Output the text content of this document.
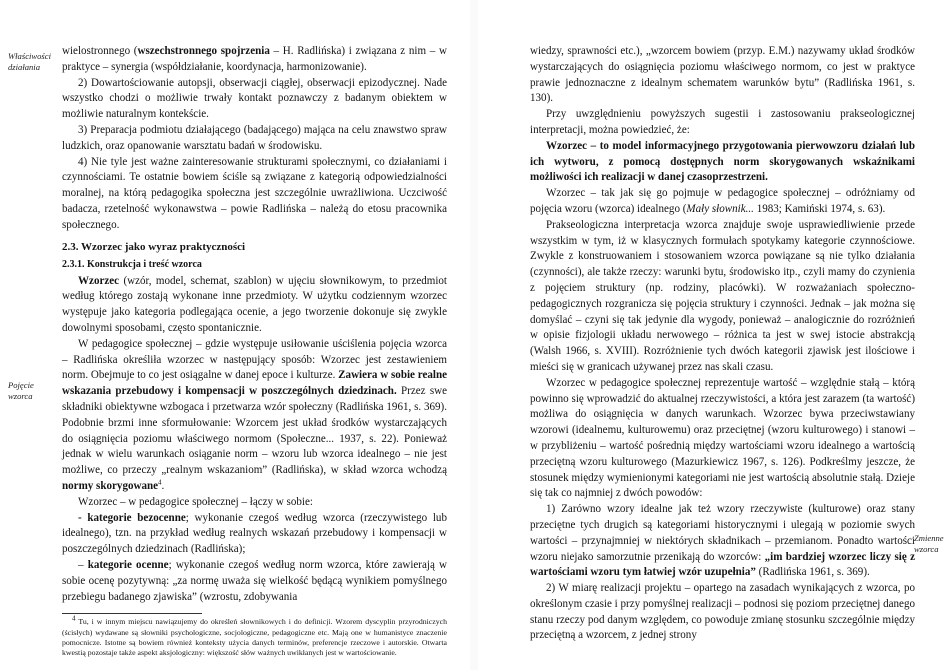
Właściwości działania
Pojęcie wzorca

wielostronnego (wszechstronnego spojrzenia – H. Radlińska) i związana z nim – w praktyce – synergia (współdziałanie, koordynacja, harmonizowanie).

2) Dowartościowanie autopsji, obserwacji ciągłej, obserwacji epizodycznej. Nade wszystko chodzi o możliwie trwały kontakt poznawczy z badanym obiektem w możliwie naturalnym kontekście.

3) Preparacja podmiotu działającego (badającego) mająca na celu znawstwo spraw ludzkich, oraz opanowanie warsztatu badań w środowisku.

4) Nie tyle jest ważne zainteresowanie strukturami społecznymi, co działaniami i czynnościami. Te ostatnie bowiem ściśle są związane z kategorią odpowiedzialności moralnej, na którą pedagogika społeczna jest szczególnie uwrażliwiona. Uczciwość badacza, rzetelność wykonawstwa – powie Radlińska – należą do etosu pracownika społecznego.

2.3. Wzorzec jako wyraz praktyczności
2.3.1. Konstrukcja i treść wzorca

Wzorzec (wzór, model, schemat, szablon) w ujęciu słownikowym, to przedmiot według którego zostają wykonane inne przedmioty. W użytku codziennym wzorzec występuje jako kategoria podlegająca ocenie, a jego tworzenie dokonuje się zwykle dowolnymi sposobami, często spontanicznie.

W pedagogice społecznej – gdzie występuje usiłowanie uściślenia pojęcia wzorca – Radlińska określiła wzorzec w następujący sposób: Wzorzec jest zestawieniem norm. Obejmuje to co jest osiągalne w danej epoce i kulturze. Zawiera w sobie realne wskazania przebudowy i kompensacji w poszczególnych dziedzinach. Przez swe składniki obiektywne wzbogaca i przetwarza wzór społeczny (Radlińska 1961, s. 369). Podobnie brzmi inne sformułowanie: Wzorcem jest układ środków wystarczających do osiągnięcia poziomu właściwego normom (Społeczne... 1937, s. 22). Ponieważ jednak w wielu warunkach osiąganie norm – wzoru lub wzorca idealnego – nie jest możliwe, co przeczy „realnym wskazaniom” (Radlińska), w skład wzorca wchodzą normy skorygowane$^4$.

Wzorzec – w pedagogice społecznej – łączy w sobie:

- kategorie bezocenne; wykonanie czegoś według wzorca (rzeczywistego lub idealnego), tzn. na przykład według realnych wskazań przebudowy i kompensacji w poszczególnych dziedzinach (Radlińska);

– kategorie ocenne; wykonanie czegoś według norm wzorca, które zawierają w sobie ocenę pozytywną: „za normę uważa się wielkość będącą wynikiem pomyślnego przebiegu badanego zjawiska” (wzrostu, zdobywania

$^4$ Tu, i w innym miejscu nawiązujemy do określeń słownikowych i do definicji. Wzorem dyscyplin przyrodniczych (ścisłych) wydawane są słowniki psychologiczne, socjologiczne, pedagogiczne etc. Mają one w humanistyce znaczenie pomocnicze. Istotne są bowiem również konteksty użycia danych terminów, preferencje rzeczowe i autorskie. Otwarta kwestią pozostaje także aspekt aksjologiczny: większość słów ważnych uwikłanych jest w wartościowanie.

Zmienne wzorca

wiedzy, sprawności etc.), „wzorcem bowiem (przyp. E.M.) nazywamy układ środków wystarczających do osiągnięcia poziomu właściwego normom, co jest w praktyce prawie jednoznaczne z idealnym schematem warunków bytu” (Radlińska 1961, s. 130).

Przy uwzględnieniu powyższych sugestii i zastosowaniu prakseologicznej interpretacji, można powiedzieć, że:

Wzorzec – to model informacyjnego przygotowania pierwowzoru działań lub ich wytworu, z pomocą dostępnych norm skorygowanych wskaźnikami możliwości ich realizacji w danej czasoprzestrzeni.

Wzorzec – tak jak się go pojmuje w pedagogice społecznej – odróżniamy od pojęcia wzoru (wzorca) idealnego (Mały słownik... 1983; Kamiński 1974, s. 63).

Prakseologiczna interpretacja wzorca znajduje swoje usprawiedliwienie przede wszystkim w tym, iż w klasycznych formułach spotykamy kategorie czynnościowe. Zwykle z konstruowaniem i stosowaniem wzorca powiązane są nie tylko działania (czynności), ale także rzeczy: warunki bytu, środowisko itp., czyli mamy do czynienia z pojęciem struktury (np. rodziny, placówki). W rozważaniach społeczno-pedagogicznych rozgranicza się pojęcia struktury i czynności. Jednak – jak można się domyślać – czyni się tak jedynie dla wygody, ponieważ – analogicznie do rozróżnień w opisie fizjologii układu nerwowego – różnica ta jest w swej istocie abstrakcją (Walsh 1966, s. XVIII). Rozróżnienie tych dwóch kategorii zjawisk jest ilościowe i mieści się w granicach używanej przez nas skali czasu.

Wzorzec w pedagogice społecznej reprezentuje wartość – względnie stałą – którą powinno się wprowadzić do aktualnej rzeczywistości, a która jest zarazem (ta wartość) możliwa do osiągnięcia w danych warunkach. Wzorzec bywa przeciwstawiany wzorowi (idealnemu, kulturowemu) oraz przeciętnej (wzoru kulturowego) i stanowi – w przybliżeniu – wartość pośrednią między wartościami wzoru idealnego a wartością przeciętną wzoru kulturowego (Mazurkiewicz 1967, s. 126). Podkreślmy jeszcze, że stosunek między wymienionymi kategoriami nie jest wartością absolutnie stałą. Dzieje się tak co najmniej z dwóch powodów:

1) Zarówno wzory idealne jak też wzory rzeczywiste (kulturowe) oraz stany przeciętne tych drugich są kategoriami historycznymi i ulegają w poziomie swych wartości – przynajmniej w niektórych składnikach – przemianom. Ponadto wartości wzoru niejako samorzutnie przenikają do wzorców: „im bardziej wzorzec liczy się z wartościami wzoru tym łatwiej wzór uzupełnia” (Radlińska 1961, s. 369).

2) W miarę realizacji projektu – opartego na zasadach wynikających z wzorca, po określonym czasie i przy pomyślnej realizacji – podnosi się poziom przeciętnej danego stanu rzeczy pod danym względem, co powoduje zmianę stosunku szczególnie między przeciętną a wzorcem, z jednej strony
